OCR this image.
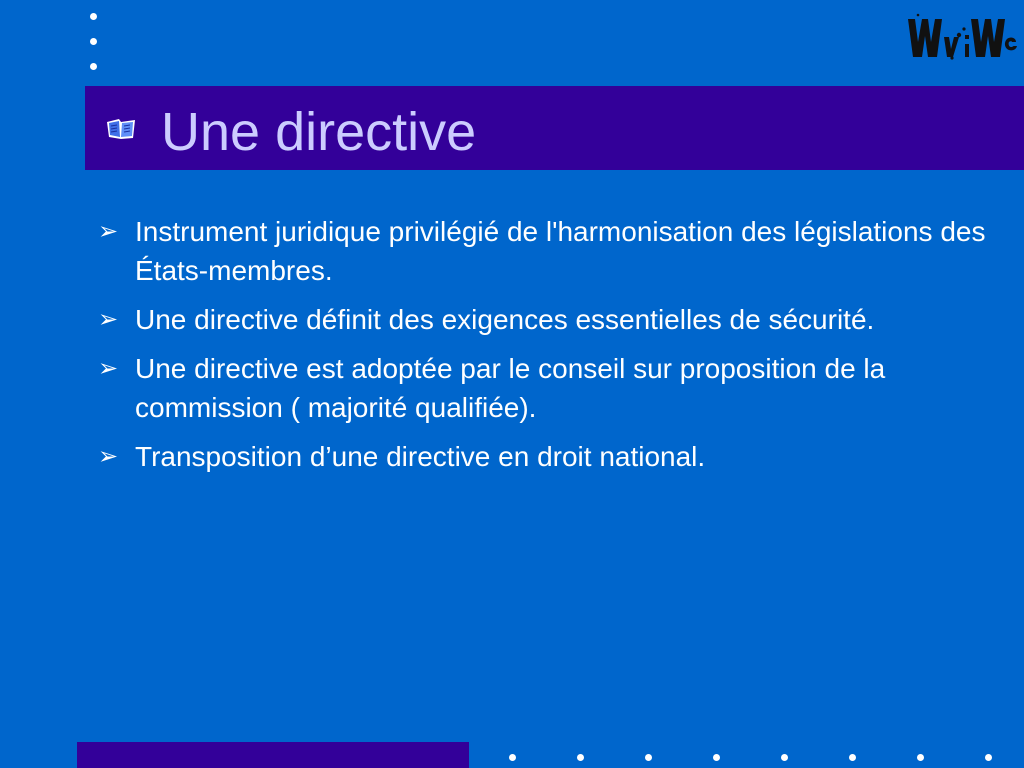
Une directive
➢ Instrument juridique privilégié de l'harmonisation des législations des États-membres.
➢ Une directive définit des exigences essentielles de sécurité.
➢ Une directive est adoptée par le conseil sur proposition de la commission ( majorité qualifiée).
➢ Transposition d’une directive en droit national.
